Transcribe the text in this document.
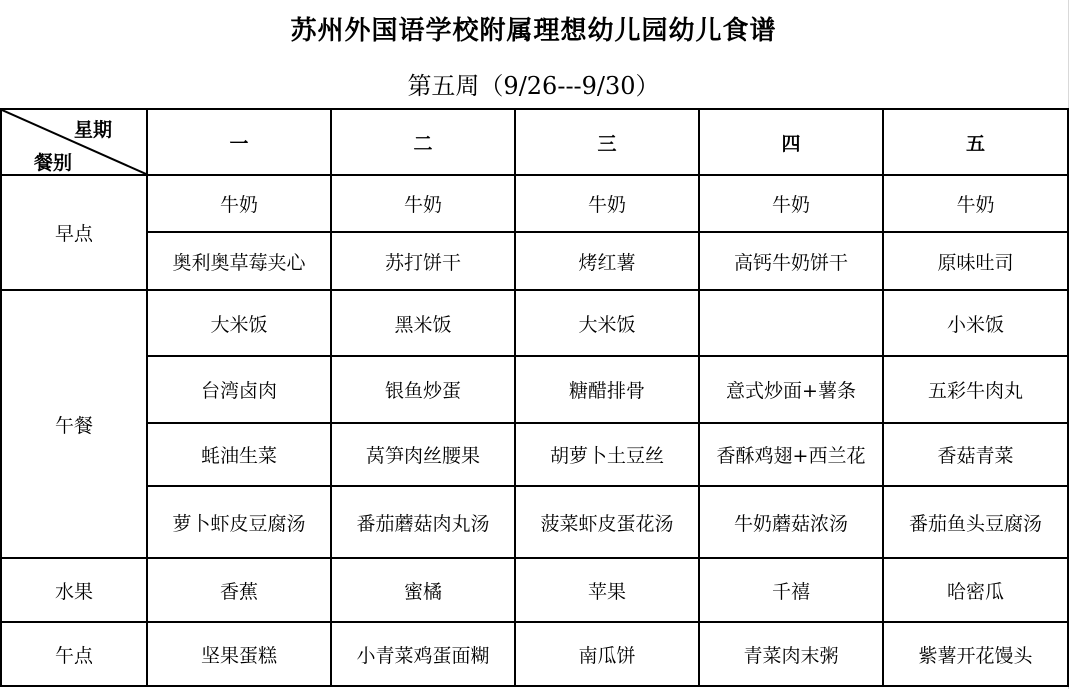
苏州外国语学校附属理想幼儿园幼儿食谱
第五周（9/26---9/30）
星期
餐别	一	二	三	四	五
早点	牛奶	牛奶	牛奶	牛奶	牛奶
	奥利奥草莓夹心	苏打饼干	烤红薯	高钙牛奶饼干	原味吐司
午餐	大米饭	黑米饭	大米饭		小米饭
	台湾卤肉	银鱼炒蛋	糖醋排骨	意式炒面+薯条	五彩牛肉丸
	蚝油生菜	莴笋肉丝腰果	胡萝卜土豆丝	香酥鸡翅+西兰花	香菇青菜
	萝卜虾皮豆腐汤	番茄蘑菇肉丸汤	菠菜虾皮蛋花汤	牛奶蘑菇浓汤	番茄鱼头豆腐汤
水果	香蕉	蜜橘	苹果	千禧	哈密瓜
午点	坚果蛋糕	小青菜鸡蛋面糊	南瓜饼	青菜肉末粥	紫薯开花馒头
